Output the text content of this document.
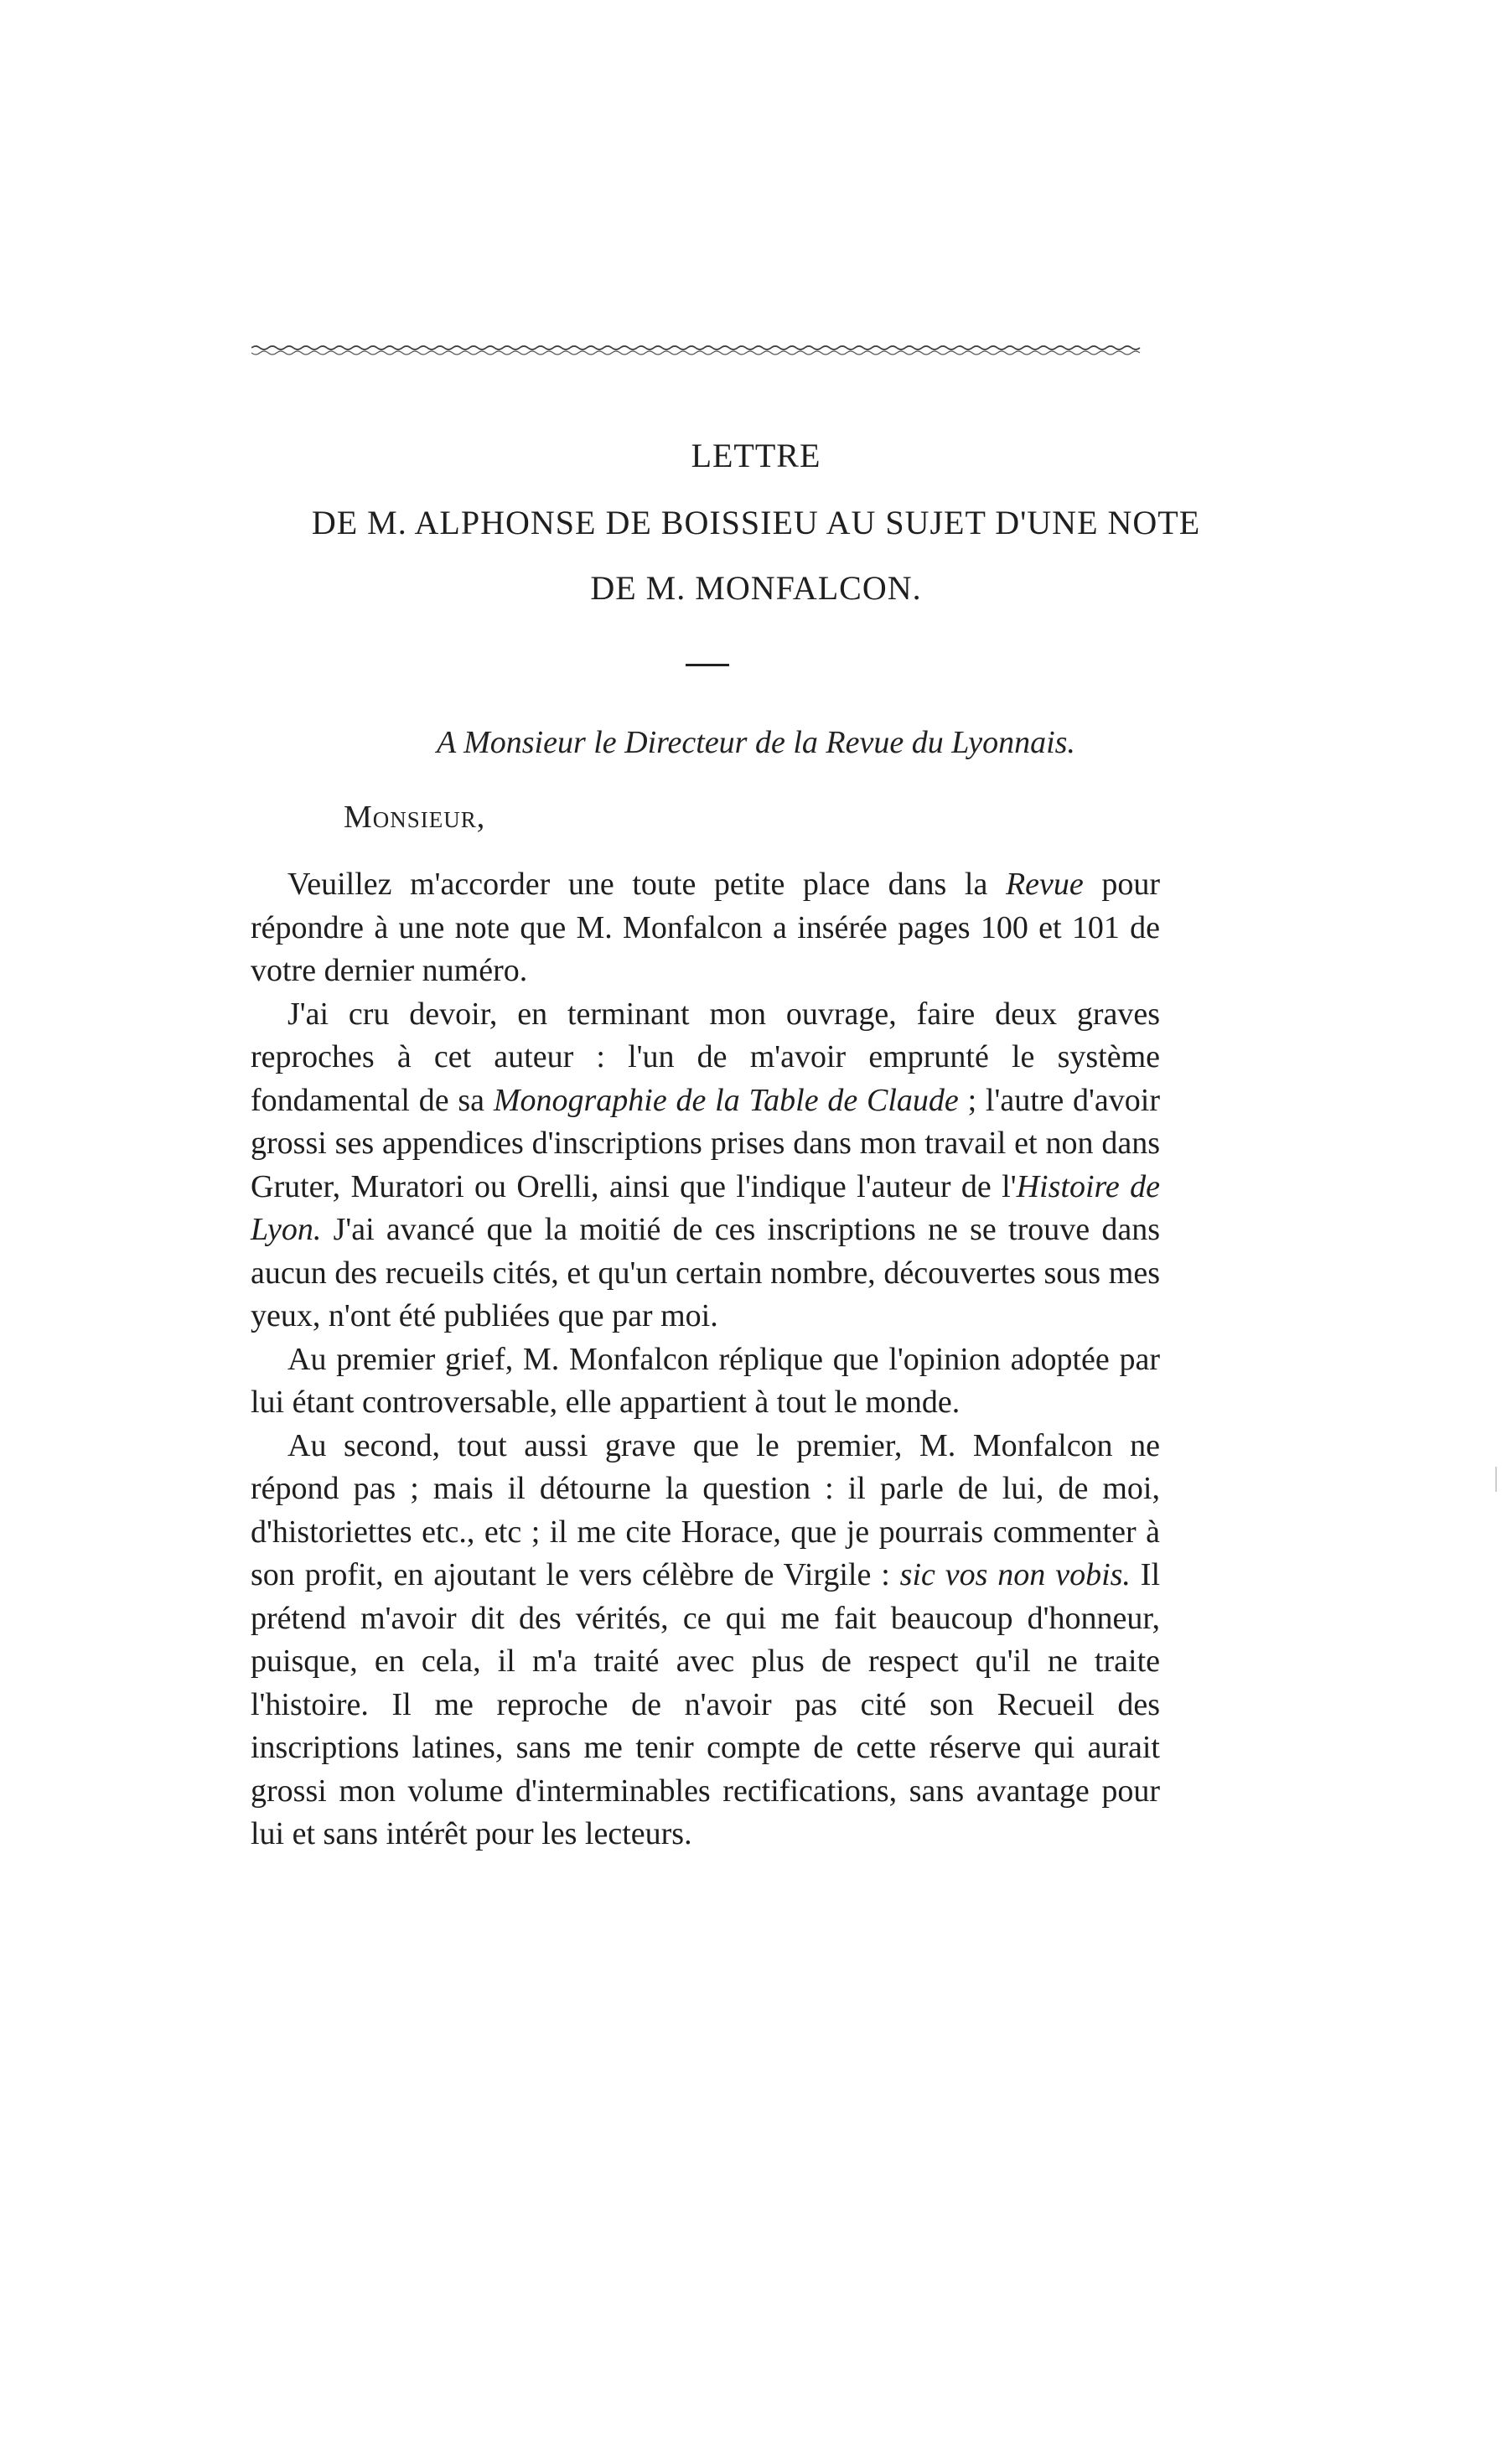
LETTRE
DE M. ALPHONSE DE BOISSIEU AU SUJET D'UNE NOTE
DE M. MONFALCON.
A Monsieur le Directeur de la Revue du Lyonnais.
Monsieur,

Veuillez m'accorder une toute petite place dans la Revue pour répondre à une note que M. Monfalcon a insérée pages 100 et 101 de votre dernier numéro.

J'ai cru devoir, en terminant mon ouvrage, faire deux graves reproches à cet auteur : l'un de m'avoir emprunté le système fondamental de sa Monographie de la Table de Claude ; l'autre d'avoir grossi ses appendices d'inscriptions prises dans mon travail et non dans Gruter, Muratori ou Orelli, ainsi que l'indique l'auteur de l'Histoire de Lyon. J'ai avancé que la moitié de ces inscriptions ne se trouve dans aucun des recueils cités, et qu'un certain nombre, découvertes sous mes yeux, n'ont été publiées que par moi.

Au premier grief, M. Monfalcon réplique que l'opinion adoptée par lui étant controversable, elle appartient à tout le monde.

Au second, tout aussi grave que le premier, M. Monfalcon ne répond pas ; mais il détourne la question : il parle de lui, de moi, d'historiettes etc., etc ; il me cite Horace, que je pourrais commenter à son profit, en ajoutant le vers célèbre de Virgile : sic vos non vobis. Il prétend m'avoir dit des vérités, ce qui me fait beaucoup d'honneur, puisque, en cela, il m'a traité avec plus de respect qu'il ne traite l'histoire. Il me reproche de n'avoir pas cité son Recueil des inscriptions latines, sans me tenir compte de cette réserve qui aurait grossi mon volume d'interminables rectifications, sans avantage pour lui et sans intérêt pour les lecteurs.
